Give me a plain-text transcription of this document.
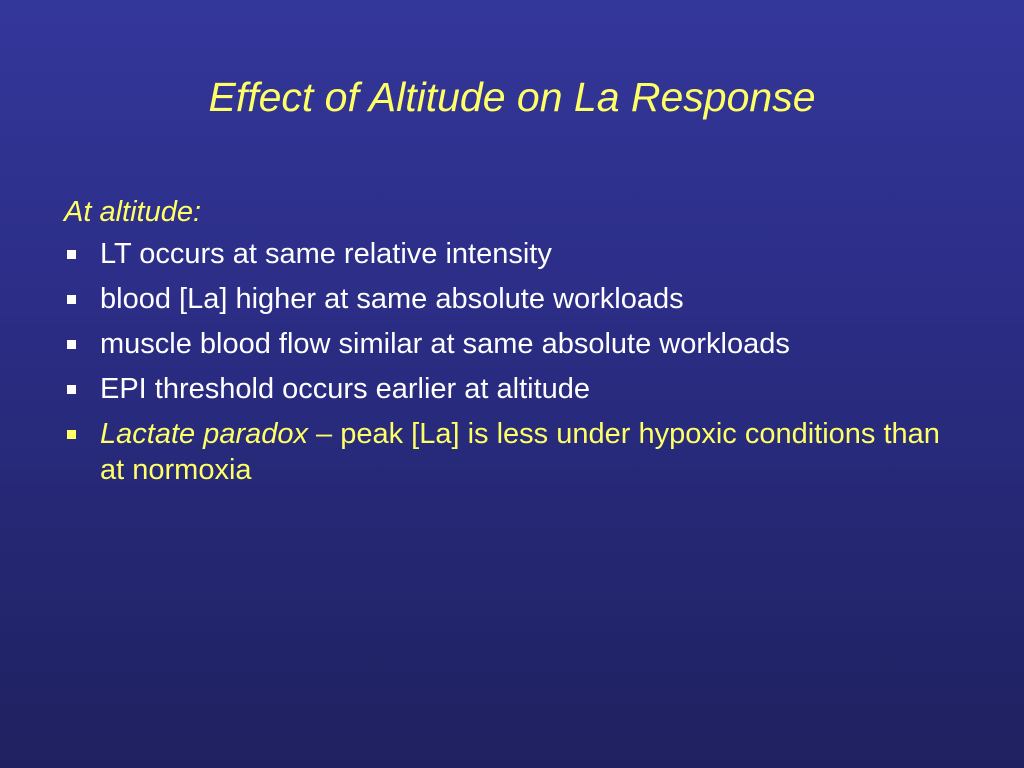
Effect of Altitude on La Response

At altitude:

LT occurs at same relative intensity
blood [La] higher at same absolute workloads
muscle blood flow similar at same absolute workloads
EPI threshold occurs earlier at altitude
Lactate paradox – peak [La] is less under hypoxic conditions than at normoxia
